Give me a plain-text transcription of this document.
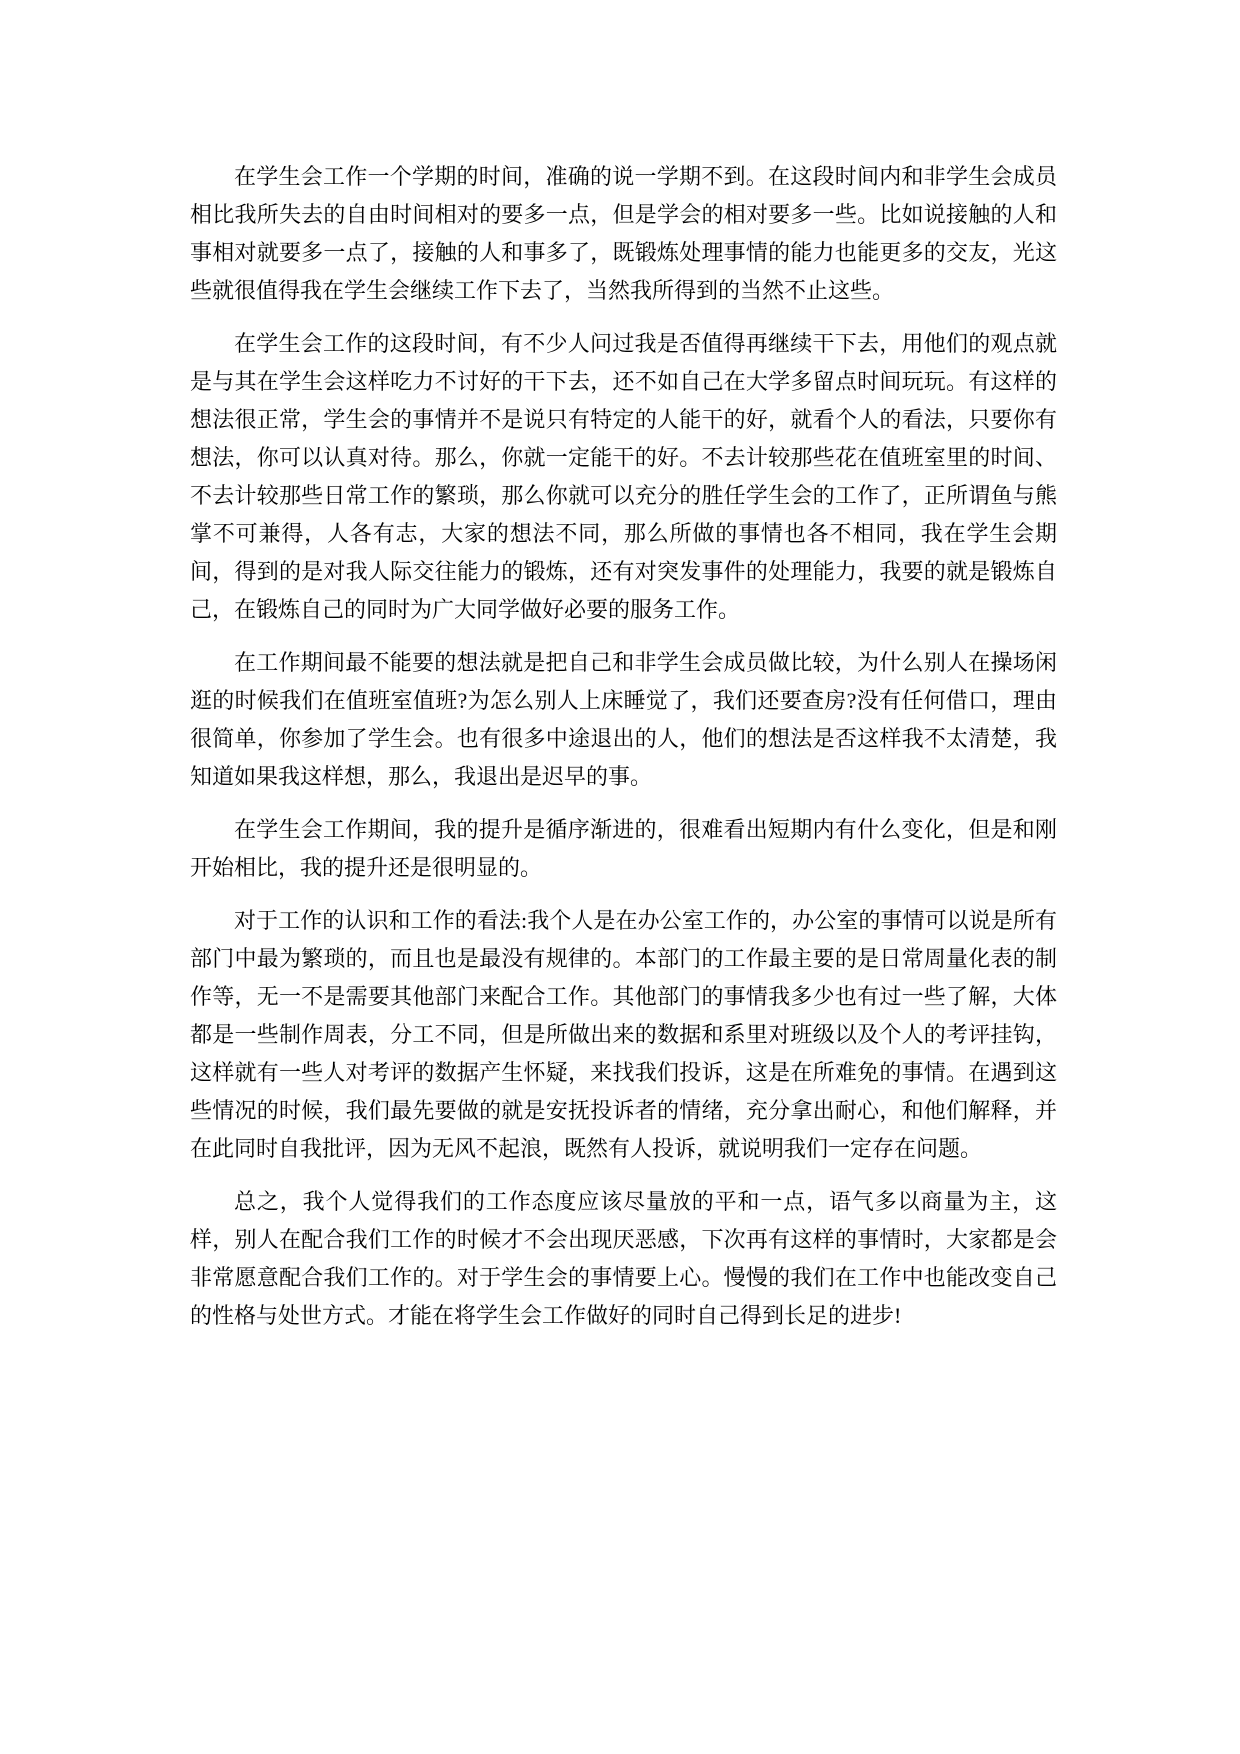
在学生会工作一个学期的时间，准确的说一学期不到。在这段时间内和非学生会成员相比我所失去的自由时间相对的要多一点，但是学会的相对要多一些。比如说接触的人和事相对就要多一点了，接触的人和事多了，既锻炼处理事情的能力也能更多的交友，光这些就很值得我在学生会继续工作下去了，当然我所得到的当然不止这些。

在学生会工作的这段时间，有不少人问过我是否值得再继续干下去，用他们的观点就是与其在学生会这样吃力不讨好的干下去，还不如自己在大学多留点时间玩玩。有这样的想法很正常，学生会的事情并不是说只有特定的人能干的好，就看个人的看法，只要你有想法，你可以认真对待。那么，你就一定能干的好。不去计较那些花在值班室里的时间、不去计较那些日常工作的繁琐，那么你就可以充分的胜任学生会的工作了，正所谓鱼与熊掌不可兼得，人各有志，大家的想法不同，那么所做的事情也各不相同，我在学生会期间，得到的是对我人际交往能力的锻炼，还有对突发事件的处理能力，我要的就是锻炼自己，在锻炼自己的同时为广大同学做好必要的服务工作。

在工作期间最不能要的想法就是把自己和非学生会成员做比较，为什么别人在操场闲逛的时候我们在值班室值班?为怎么别人上床睡觉了，我们还要查房?没有任何借口，理由很简单，你参加了学生会。也有很多中途退出的人，他们的想法是否这样我不太清楚，我知道如果我这样想，那么，我退出是迟早的事。

在学生会工作期间，我的提升是循序渐进的，很难看出短期内有什么变化，但是和刚开始相比，我的提升还是很明显的。

对于工作的认识和工作的看法:我个人是在办公室工作的，办公室的事情可以说是所有部门中最为繁琐的，而且也是最没有规律的。本部门的工作最主要的是日常周量化表的制作等，无一不是需要其他部门来配合工作。其他部门的事情我多少也有过一些了解，大体都是一些制作周表，分工不同，但是所做出来的数据和系里对班级以及个人的考评挂钩，这样就有一些人对考评的数据产生怀疑，来找我们投诉，这是在所难免的事情。在遇到这些情况的时候，我们最先要做的就是安抚投诉者的情绪，充分拿出耐心，和他们解释，并在此同时自我批评，因为无风不起浪，既然有人投诉，就说明我们一定存在问题。

总之，我个人觉得我们的工作态度应该尽量放的平和一点，语气多以商量为主，这样，别人在配合我们工作的时候才不会出现厌恶感，下次再有这样的事情时，大家都是会非常愿意配合我们工作的。对于学生会的事情要上心。慢慢的我们在工作中也能改变自己的性格与处世方式。才能在将学生会工作做好的同时自己得到长足的进步!
